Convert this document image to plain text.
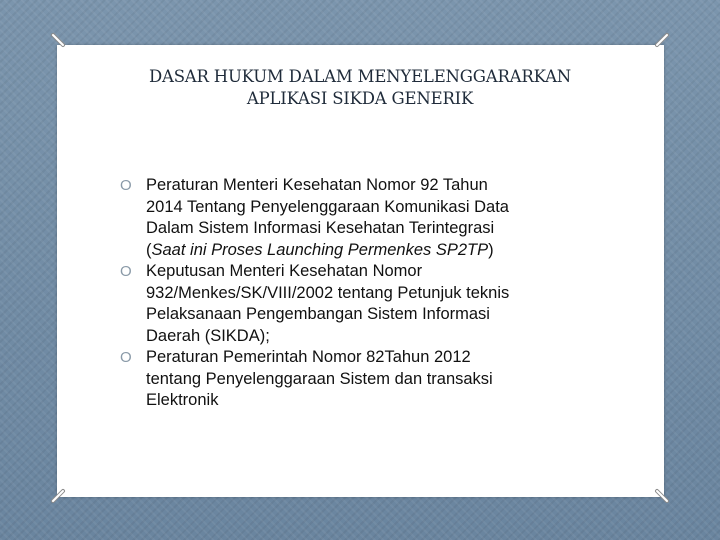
DASAR HUKUM DALAM MENYELENGGARARKAN
APLIKASI SIKDA GENERIK
O Peraturan Menteri Kesehatan Nomor 92 Tahun
2014 Tentang Penyelenggaraan Komunikasi Data
Dalam Sistem Informasi Kesehatan Terintegrasi
(Saat ini Proses Launching Permenkes SP2TP)
O Keputusan Menteri Kesehatan Nomor
932/Menkes/SK/VIII/2002 tentang Petunjuk teknis
Pelaksanaan Pengembangan Sistem Informasi
Daerah (SIKDA);
O Peraturan Pemerintah Nomor 82Tahun 2012
tentang Penyelenggaraan Sistem dan transaksi
Elektronik
